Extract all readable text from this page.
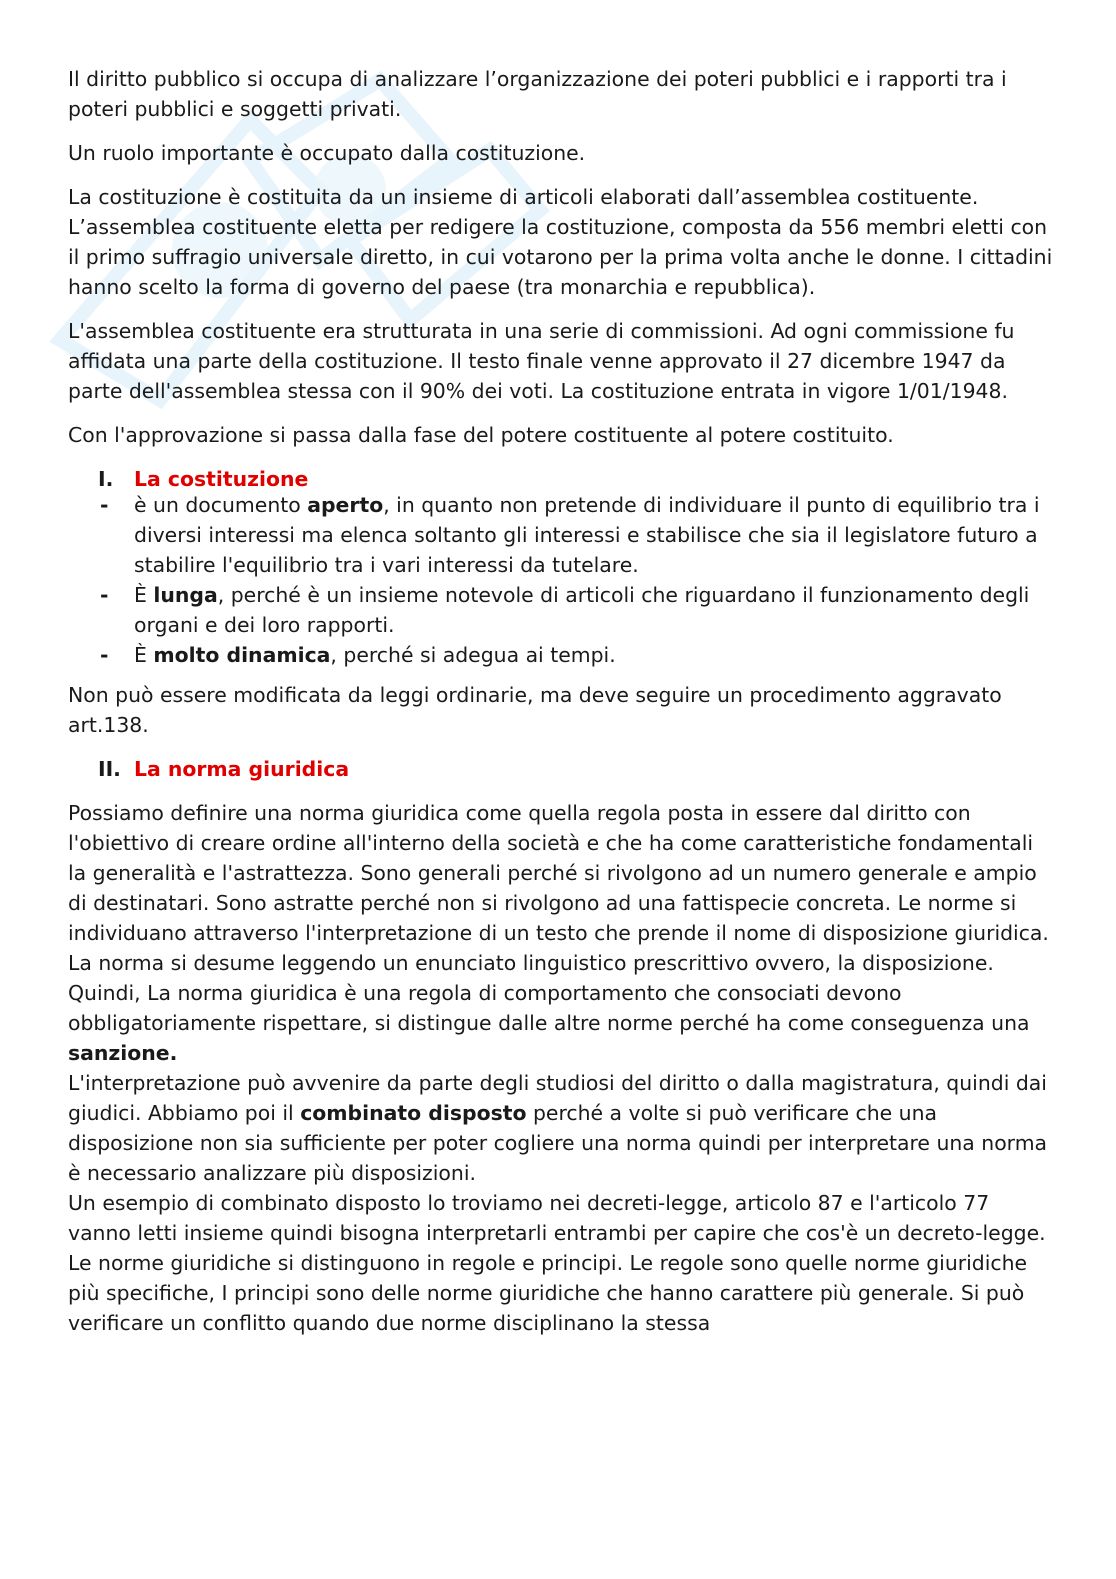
Il diritto pubblico si occupa di analizzare l’organizzazione dei poteri pubblici e i rapporti tra i poteri pubblici e soggetti privati.

Un ruolo importante è occupato dalla costituzione.

La costituzione è costituita da un insieme di articoli elaborati dall’assemblea costituente. L’assemblea costituente eletta per redigere la costituzione, composta da 556 membri eletti con il primo suffragio universale diretto, in cui votarono per la prima volta anche le donne. I cittadini hanno scelto la forma di governo del paese (tra monarchia e repubblica).

L'assemblea costituente era strutturata in una serie di commissioni. Ad ogni commissione fu affidata una parte della costituzione. Il testo finale venne approvato il 27 dicembre 1947 da parte dell'assemblea stessa con il 90% dei voti. La costituzione entrata in vigore 1/01/1948.

Con l'approvazione si passa dalla fase del potere costituente al potere costituito.

I.	La costituzione
-	è un documento aperto, in quanto non pretende di individuare il punto di equilibrio tra i diversi interessi ma elenca soltanto gli interessi e stabilisce che sia il legislatore futuro a stabilire l'equilibrio tra i vari interessi da tutelare.
-	È lunga, perché è un insieme notevole di articoli che riguardano il funzionamento degli organi e dei loro rapporti.
-	È molto dinamica, perché si adegua ai tempi.

Non può essere modificata da leggi ordinarie, ma deve seguire un procedimento aggravato art.138.

II. La norma giuridica

Possiamo definire una norma giuridica come quella regola posta in essere dal diritto con l'obiettivo di creare ordine all'interno della società e che ha come caratteristiche fondamentali la generalità e l'astrattezza. Sono generali perché si rivolgono ad un numero generale e ampio di destinatari. Sono astratte perché non si rivolgono ad una fattispecie concreta. Le norme si individuano attraverso l'interpretazione di un testo che prende il nome di disposizione giuridica. La norma si desume leggendo un enunciato linguistico prescrittivo ovvero, la disposizione.

Quindi, La norma giuridica è una regola di comportamento che consociati devono obbligatoriamente rispettare, si distingue dalle altre norme perché ha come conseguenza una sanzione.

L'interpretazione può avvenire da parte degli studiosi del diritto o dalla magistratura, quindi dai giudici. Abbiamo poi il combinato disposto perché a volte si può verificare che una disposizione non sia sufficiente per poter cogliere una norma quindi per interpretare una norma è necessario analizzare più disposizioni.

Un esempio di combinato disposto lo troviamo nei decreti-legge, articolo 87 e l'articolo 77 vanno letti insieme quindi bisogna interpretarli entrambi per capire che cos'è un decreto-legge.

Le norme giuridiche si distinguono in regole e principi. Le regole sono quelle norme giuridiche più specifiche, I principi sono delle norme giuridiche che hanno carattere più generale. Si può verificare un conflitto quando due norme disciplinano la stessa
